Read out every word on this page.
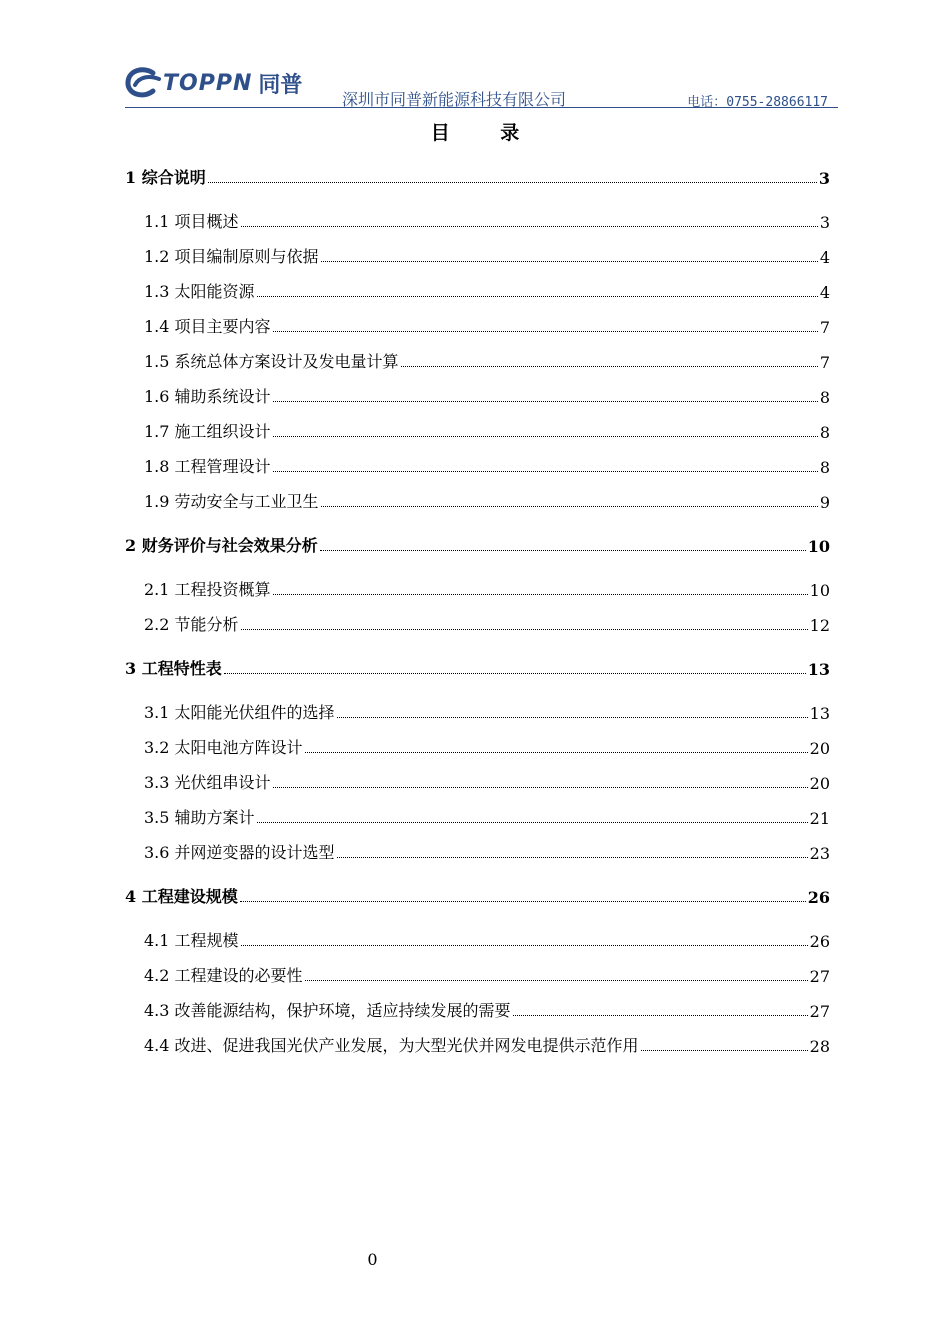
TOPPN 同普
深圳市同普新能源科技有限公司	电话：0755-28866117
目 录
1 综合说明	3
1.1 项目概述	3
1.2 项目编制原则与依据	4
1.3 太阳能资源	4
1.4 项目主要内容	7
1.5 系统总体方案设计及发电量计算	7
1.6 辅助系统设计	8
1.7 施工组织设计	8
1.8 工程管理设计	8
1.9 劳动安全与工业卫生	9
2 财务评价与社会效果分析	10
2.1 工程投资概算	10
2.2 节能分析	12
3 工程特性表	13
3.1 太阳能光伏组件的选择	13
3.2 太阳电池方阵设计	20
3.3 光伏组串设计	20
3.5 辅助方案计	21
3.6 并网逆变器的设计选型	23
4 工程建设规模	26
4.1 工程规模	26
4.2 工程建设的必要性	27
4.3 改善能源结构，保护环境，适应持续发展的需要	27
4.4 改进、促进我国光伏产业发展，为大型光伏并网发电提供示范作用	28
0
